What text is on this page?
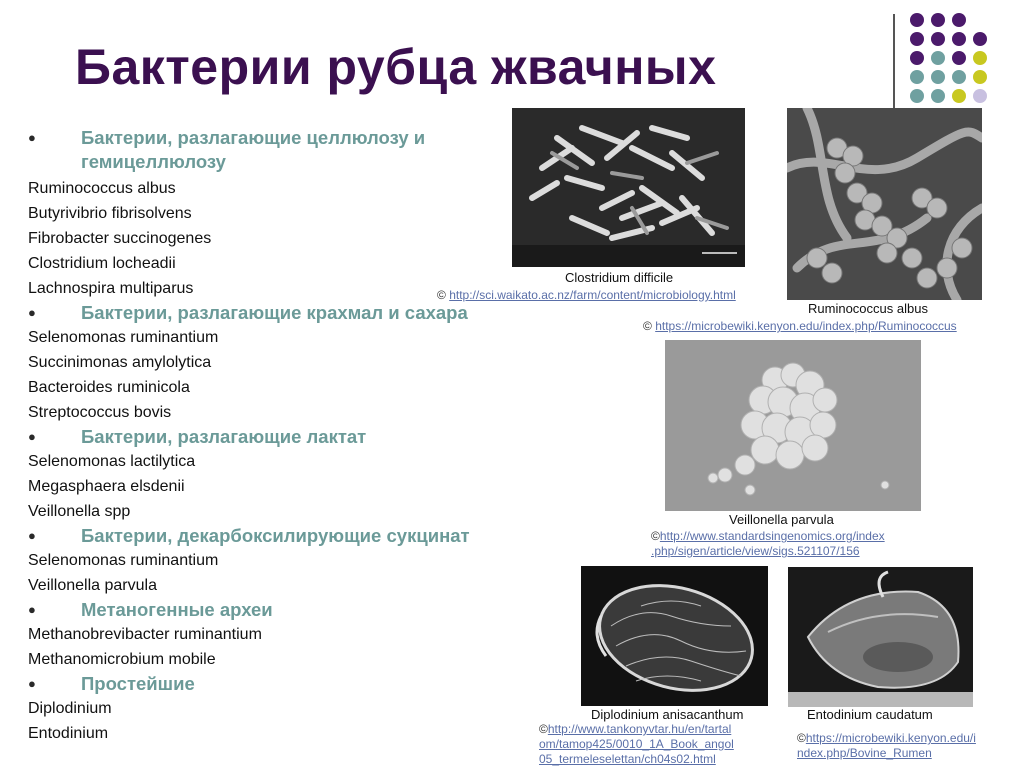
Бактерии рубца жвачных
● Бактерии, разлагающие целлюлозу и гемицеллюлозу
Ruminococcus albus
Butyrivibrio fibrisolvens
Fibrobacter succinogenes
Clostridium locheadii
Lachnospira multiparus
● Бактерии, разлагающие крахмал и сахара
Selenomonas ruminantium
Succinimonas amylolytica
Bacteroides ruminicola
Streptococcus bovis
● Бактерии, разлагающие лактат
Selenomonas lactilytica
Megasphaera elsdenii
Veillonella spp
● Бактерии, декарбоксилирующие сукцинат
Selenomonas ruminantium
Veillonella parvula
● Метаногенные археи
Methanobrevibacter ruminantium
Methanomicrobium mobile
● Простейшие
Diplodinium
Entodinium
Clostridium difficile
© http://sci.waikato.ac.nz/farm/content/microbiology.html
Ruminococcus albus
© https://microbewiki.kenyon.edu/index.php/Ruminococcus
Veillonella parvula
©http://www.standardsingenomics.org/index
.php/sigen/article/view/sigs.521107/156
Diplodinium anisacanthum
©http://www.tankonyvtar.hu/en/tartal
om/tamop425/0010_1A_Book_angol
05_termeleselettan/ch04s02.html
Entodinium caudatum
©https://microbewiki.kenyon.edu/i
ndex.php/Bovine_Rumen
